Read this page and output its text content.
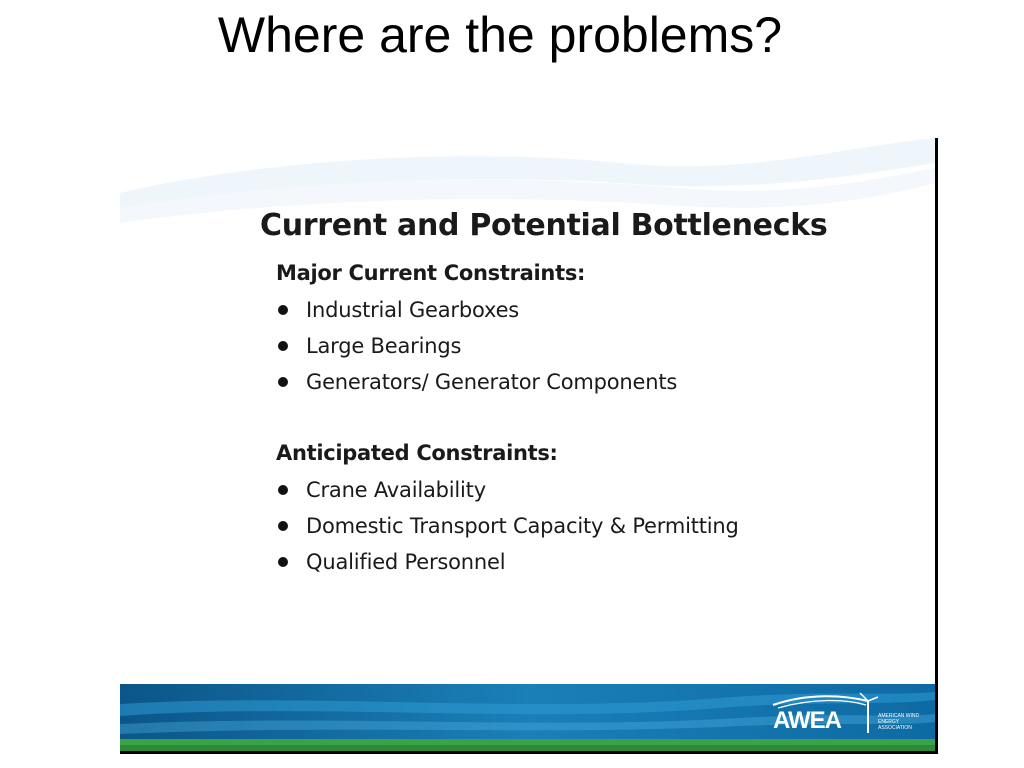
Where are the problems?
Current and Potential Bottlenecks
Major Current Constraints:
Industrial Gearboxes
Large Bearings
Generators/ Generator Components
Anticipated Constraints:
Crane Availability
Domestic Transport Capacity & Permitting
Qualified Personnel
AWEA	AMERICAN WIND ENERGY ASSOCIATION
